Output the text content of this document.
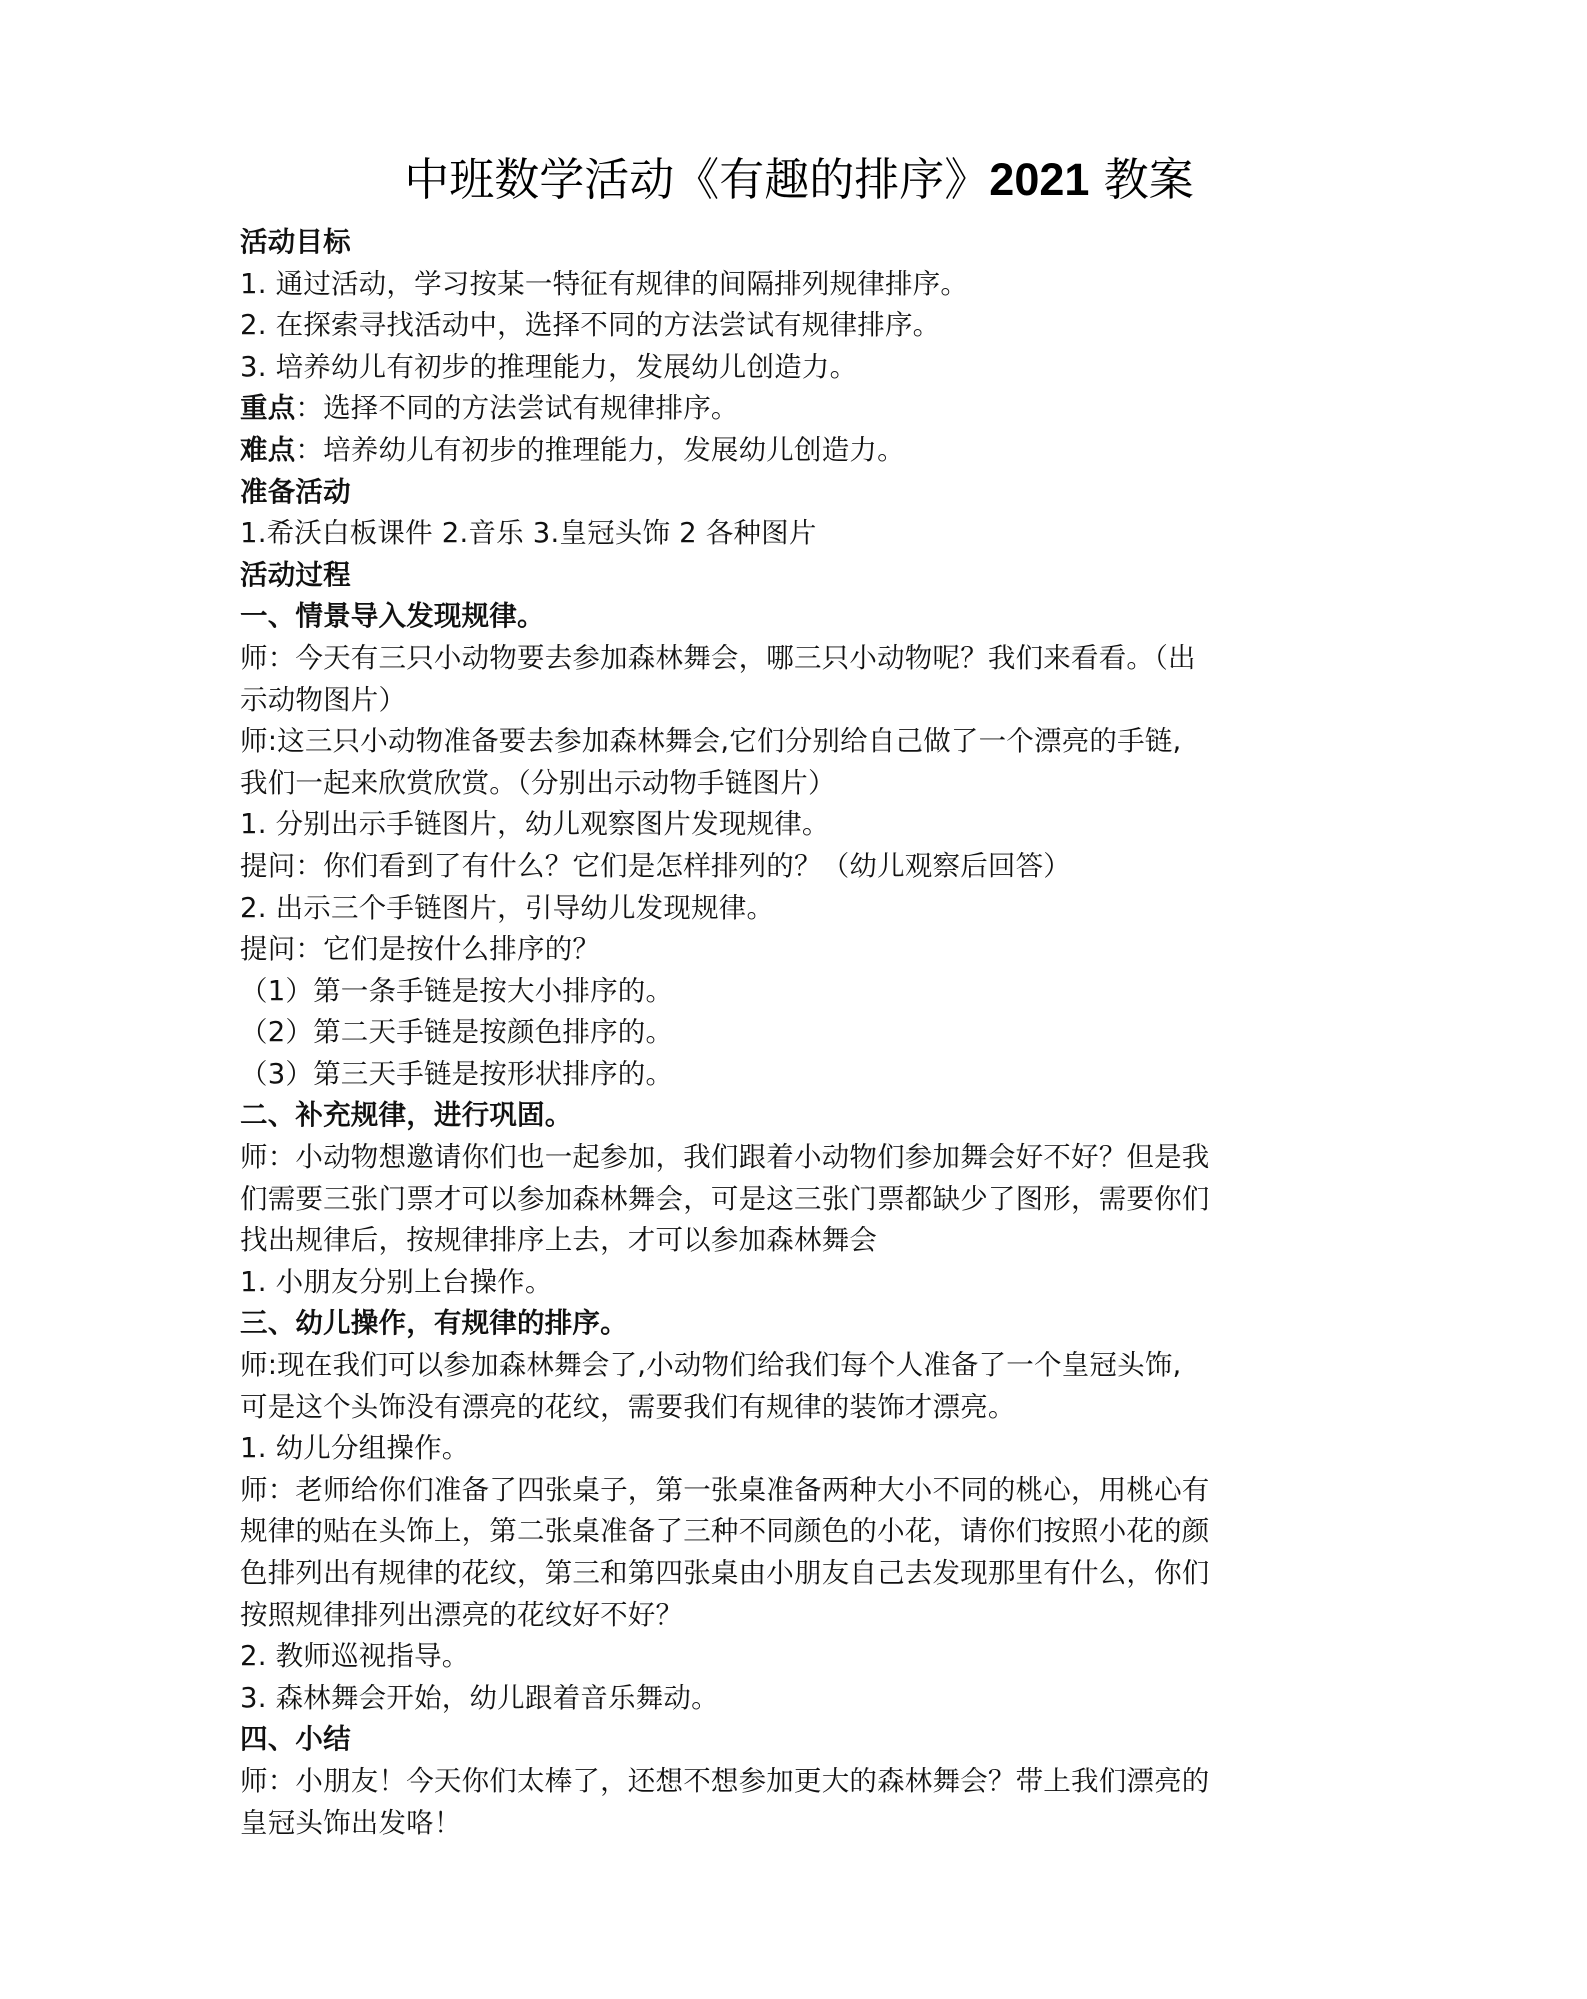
中班数学活动《有趣的排序》2021 教案
活动目标
1. 通过活动，学习按某一特征有规律的间隔排列规律排序。
2. 在探索寻找活动中，选择不同的方法尝试有规律排序。
3. 培养幼儿有初步的推理能力，发展幼儿创造力。
重点：选择不同的方法尝试有规律排序。
难点：培养幼儿有初步的推理能力，发展幼儿创造力。
准备活动
1.希沃白板课件 2.音乐 3.皇冠头饰 2 各种图片
活动过程
一、情景导入发现规律。
师：今天有三只小动物要去参加森林舞会，哪三只小动物呢？我们来看看。（出
示动物图片）
师:这三只小动物准备要去参加森林舞会,它们分别给自己做了一个漂亮的手链,
我们一起来欣赏欣赏。（分别出示动物手链图片）
1. 分别出示手链图片，幼儿观察图片发现规律。
提问：你们看到了有什么？它们是怎样排列的？（幼儿观察后回答）
2. 出示三个手链图片，引导幼儿发现规律。
提问：它们是按什么排序的？
（1）第一条手链是按大小排序的。
（2）第二天手链是按颜色排序的。
（3）第三天手链是按形状排序的。
二、补充规律，进行巩固。
师：小动物想邀请你们也一起参加，我们跟着小动物们参加舞会好不好？但是我
们需要三张门票才可以参加森林舞会，可是这三张门票都缺少了图形，需要你们
找出规律后，按规律排序上去，才可以参加森林舞会
1. 小朋友分别上台操作。
三、幼儿操作，有规律的排序。
师:现在我们可以参加森林舞会了,小动物们给我们每个人准备了一个皇冠头饰,
可是这个头饰没有漂亮的花纹，需要我们有规律的装饰才漂亮。
1. 幼儿分组操作。
师：老师给你们准备了四张桌子，第一张桌准备两种大小不同的桃心，用桃心有
规律的贴在头饰上，第二张桌准备了三种不同颜色的小花，请你们按照小花的颜
色排列出有规律的花纹，第三和第四张桌由小朋友自己去发现那里有什么，你们
按照规律排列出漂亮的花纹好不好？
2. 教师巡视指导。
3. 森林舞会开始，幼儿跟着音乐舞动。
四、小结
师：小朋友！今天你们太棒了，还想不想参加更大的森林舞会？带上我们漂亮的
皇冠头饰出发咯！
